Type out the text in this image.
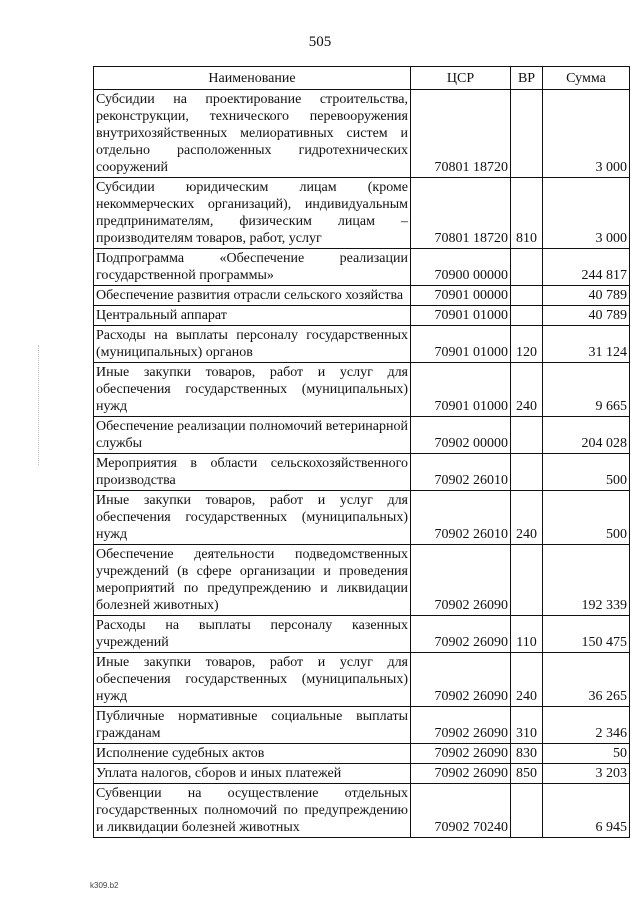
505
Наименование	ЦСР	ВР	Сумма
Субсидии на проектирование строительства, реконструкции, технического перевооружения внутрихозяйственных мелиоративных систем и отдельно расположенных гидротехнических сооружений	70801 18720		3 000
Субсидии юридическим лицам (кроме некоммерческих организаций), индивидуальным предпринимателям, физическим лицам – производителям товаров, работ, услуг	70801 18720	810	3 000
Подпрограмма «Обеспечение реализации государственной программы»	70900 00000		244 817
Обеспечение развития отрасли сельского хозяйства	70901 00000		40 789
Центральный аппарат	70901 01000		40 789
Расходы на выплаты персоналу государственных (муниципальных) органов	70901 01000	120	31 124
Иные закупки товаров, работ и услуг для обеспечения государственных (муниципальных) нужд	70901 01000	240	9 665
Обеспечение реализации полномочий ветеринарной службы	70902 00000		204 028
Мероприятия в области сельскохозяйственного производства	70902 26010		500
Иные закупки товаров, работ и услуг для обеспечения государственных (муниципальных) нужд	70902 26010	240	500
Обеспечение деятельности подведомственных учреждений (в сфере организации и проведения мероприятий по предупреждению и ликвидации болезней животных)	70902 26090		192 339
Расходы на выплаты персоналу казенных учреждений	70902 26090	110	150 475
Иные закупки товаров, работ и услуг для обеспечения государственных (муниципальных) нужд	70902 26090	240	36 265
Публичные нормативные социальные выплаты гражданам	70902 26090	310	2 346
Исполнение судебных актов	70902 26090	830	50
Уплата налогов, сборов и иных платежей	70902 26090	850	3 203
Субвенции на осуществление отдельных государственных полномочий по предупреждению и ликвидации болезней животных	70902 70240		6 945
k309.b2
